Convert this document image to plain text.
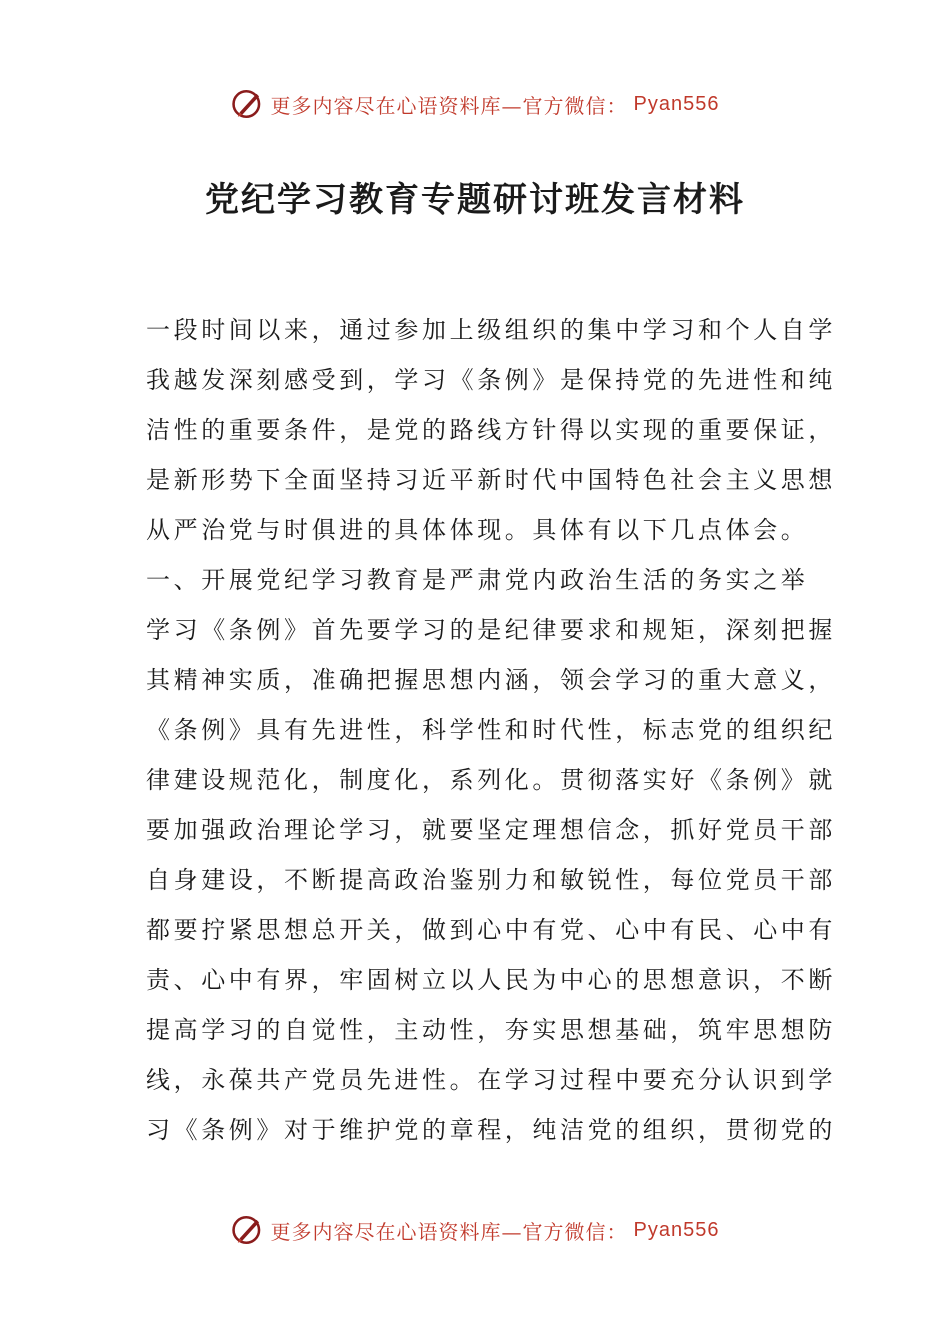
更多内容尽在心语资料库—官方微信： Pyan556
党纪学习教育专题研讨班发言材料

一段时间以来，通过参加上级组织的集中学习和个人自学

我越发深刻感受到，学习《条例》是保持党的先进性和纯

洁性的重要条件，是党的路线方针得以实现的重要保证，

是新形势下全面坚持习近平新时代中国特色社会主义思想

从严治党与时俱进的具体体现。具体有以下几点体会。

一、开展党纪学习教育是严肃党内政治生活的务实之举

学习《条例》首先要学习的是纪律要求和规矩，深刻把握

其精神实质，准确把握思想内涵，领会学习的重大意义，

《条例》具有先进性，科学性和时代性，标志党的组织纪

律建设规范化，制度化，系列化。贯彻落实好《条例》就

要加强政治理论学习，就要坚定理想信念，抓好党员干部

自身建设，不断提高政治鉴别力和敏锐性，每位党员干部

都要拧紧思想总开关，做到心中有党、心中有民、心中有

责、心中有界，牢固树立以人民为中心的思想意识，不断

提高学习的自觉性，主动性，夯实思想基础，筑牢思想防

线，永葆共产党员先进性。在学习过程中要充分认识到学

习《条例》对于维护党的章程，纯洁党的组织，贯彻党的

更多内容尽在心语资料库—官方微信： Pyan556
